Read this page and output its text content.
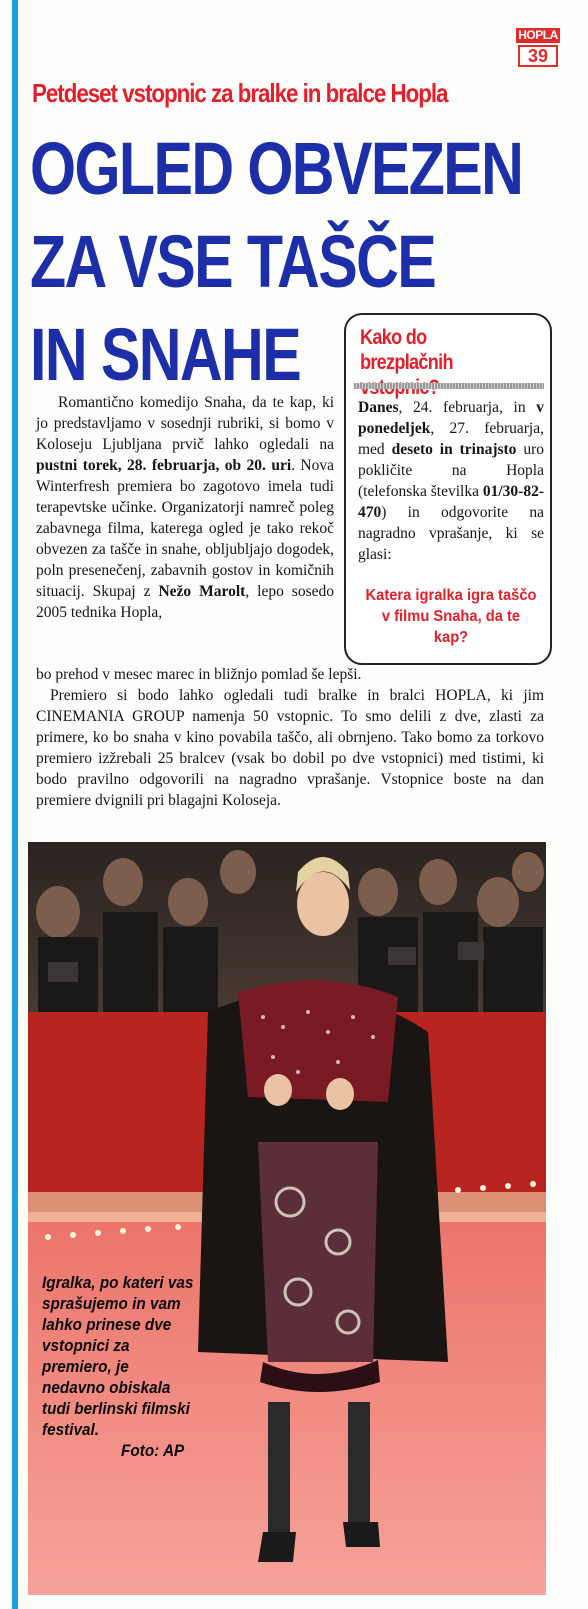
HOPLA
39
Petdeset vstopnic za bralke in bralce Hopla
OGLED OBVEZEN
ZA VSE TAŠČE
IN SNAHE	Kako do brezplačnih
Danes, 24. februarja, in v ponedeljek, 27. februarja, med deseto in trinajsto uro pokličite na Hopla (telefonska številka 01/30-82-470) in odgovorite na nagradno vprašanje, ki se glasi:
Katera igralka igra taščo v filmu Snaha, da te kap?
Romantično komedijo Snaha, da te kap, ki jo predstavljamo v sosednji rubriki, si bomo v Koloseju Ljubljana prvič lahko ogledali na pustni torek, 28. februarja, ob 20. uri. Nova Winterfresh premiera bo zagotovo imela tudi terapevtske učinke. Organizatorji namreč poleg zabavnega filma, katerega ogled je tako rekoč obvezen za tašče in snahe, obljubljajo dogodek, poln presenečenj, zabavnih gostov in komičnih situacij. Skupaj z Nežo Marolt, lepo sosedo 2005 tednika Hopla,
bo prehod v mesec marec in bližnjo pomlad še lepši.

Premiero si bodo lahko ogledali tudi bralke in bralci HOPLA, ki jim CINEMANIA GROUP namenja 50 vstopnic. To smo delili z dve, zlasti za primere, ko bo snaha v kino povabila taščo, ali obrnjeno. Tako bomo za torkovo premiero izžrebali 25 bralcev (vsak bo dobil po dve vstopnici) med tistimi, ki bodo pravilno odgovorili na nagradno vprašanje. Vstopnice boste na dan premiere dvignili pri blagajni Koloseja.

Igralka, po kateri vas sprašujemo in vam lahko prinese dve vstopnici za premiero, je nedavno obiskala tudi berlinski filmski festival.
Foto: AP
